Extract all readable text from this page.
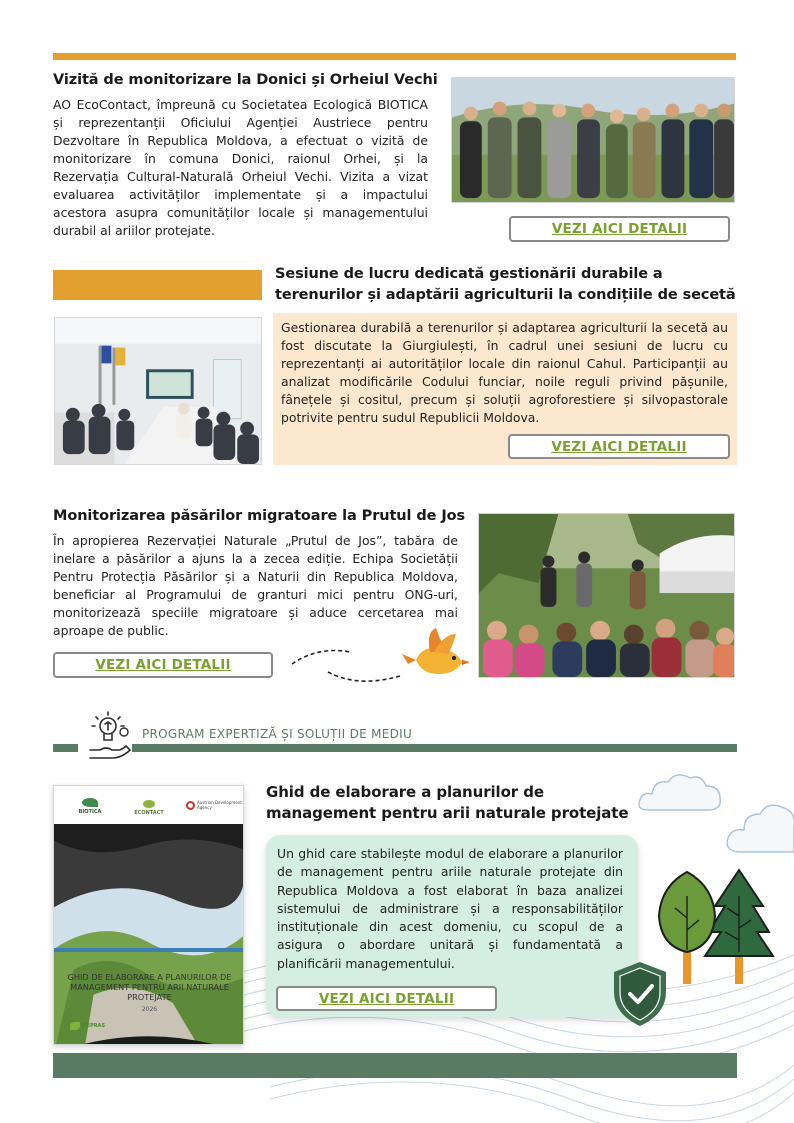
Vizită de monitorizare la Donici și Orheiul Vechi

AO EcoContact, împreună cu Societatea Ecologică BIOTICA și reprezentanții Oficiului Agenției Austriece pentru Dezvoltare în Republica Moldova, a efectuat o vizită de monitorizare în comuna Donici, raionul Orhei, și la Rezervația Cultural-Naturală Orheiul Vechi. Vizita a vizat evaluarea activităților implementate și a impactului acestora asupra comunităților locale și managementului durabil al ariilor protejate.	VEZI AICI DETALII
Sesiune de lucru dedicată gestionării durabile a terenurilor și adaptării agriculturii la condițiile de secetă

Gestionarea durabilă a terenurilor și adaptarea agriculturii la secetă au fost discutate la Giurgiulești, în cadrul unei sesiuni de lucru cu reprezentanți ai autorităților locale din raionul Cahul. Participanții au analizat modificările Codului funciar, noile reguli privind pășunile, fânețele și cositul, precum și soluții agroforestiere și silvopastorale potrivite pentru sudul Republicii Moldova.

VEZI AICI DETALII
Monitorizarea păsărilor migratoare la Prutul de Jos

În apropierea Rezervației Naturale „Prutul de Jos”, tabăra de inelare a păsărilor a ajuns la a zecea ediție. Echipa Societății Pentru Protecția Păsărilor și a Naturii din Republica Moldova, beneficiar al Programului de granturi mici pentru ONG-uri, monitorizează speciile migratoare și aduce cercetarea mai aproape de public.

VEZI AICI DETALII
PROGRAM EXPERTIZĂ ȘI SOLUȚII DE MEDIU
BIOTICA	ECONTACT
Austrian Development Agency
GHID DE ELABORARE A PLANURILOR DE MANAGEMENT PENTRU ARII NATURALE PROTEJATE
2026
PEPRAS
Ghid de elaborare a planurilor de management pentru arii naturale protejate

Un ghid care stabilește modul de elaborare a planurilor de management pentru ariile naturale protejate din Republica Moldova a fost elaborat în baza analizei sistemului de administrare și a responsabilităților instituționale din acest domeniu, cu scopul de a asigura o abordare unitară și fundamentată a planificării managementului.

VEZI AICI DETALII
